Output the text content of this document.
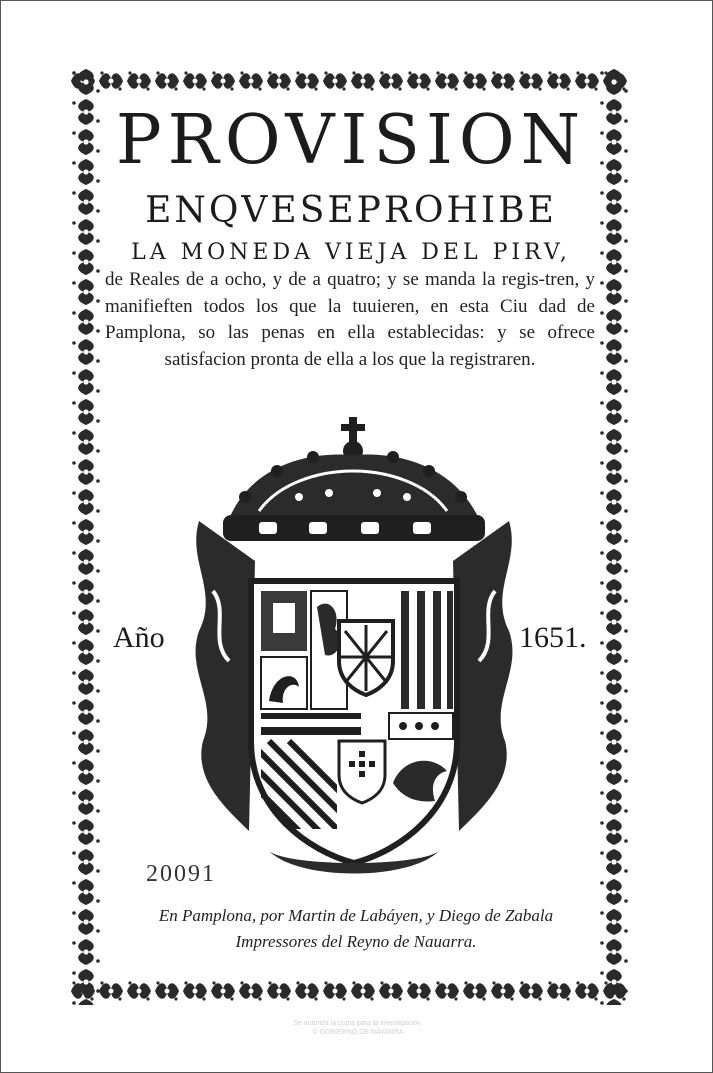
PROVISION
ENQVESEPROHIBE
LA MONEDA VIEJA DEL PIRV,
de Reales de a ocho, y de a quatro; y se manda la regis-tren, y manifieften todos los que la tuuieren, en esta Ciu dad de Pamplona, so las penas en ella establecidas: y se ofrece satisfacion pronta de ella a los que la registraren.
Año	1651.
20091
En Pamplona, por Martin de Labáyen, y Diego de Zabala
Impressores del Reyno de Nauarra.
Se autoriza la copia para la investigación.
© GOBIERNO DE NAVARRA
